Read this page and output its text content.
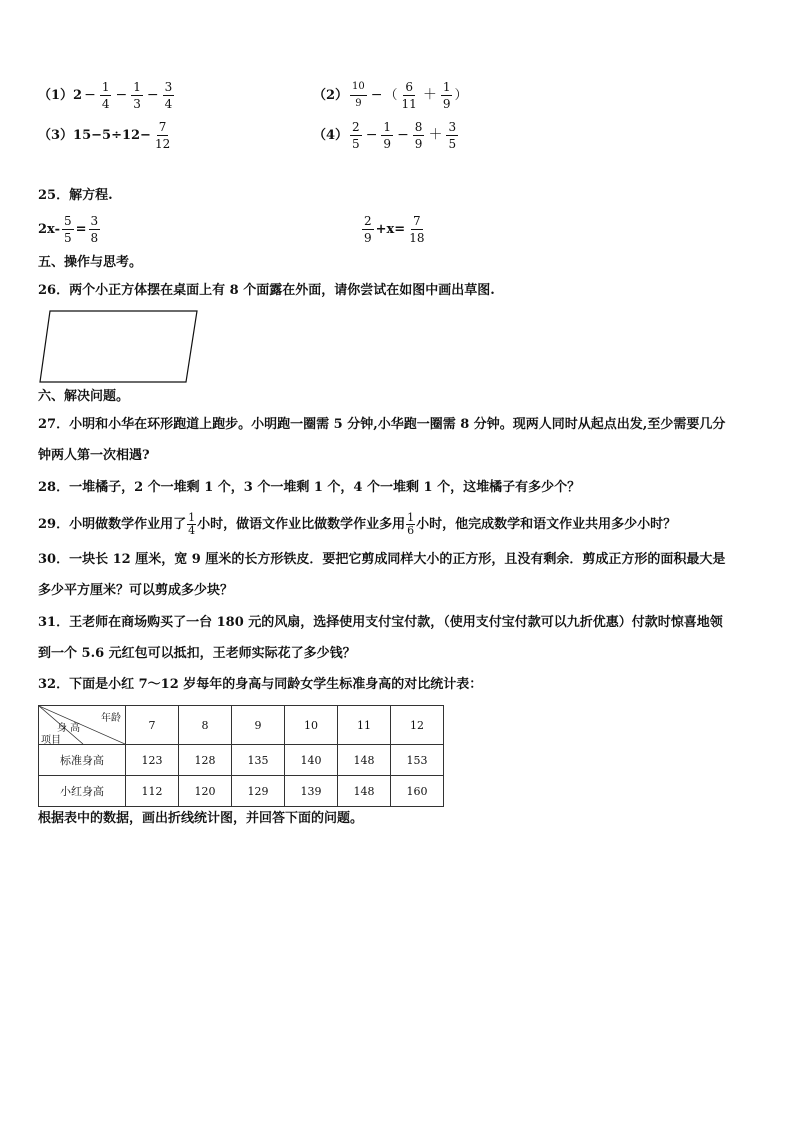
$(1)2 - \frac{1}{4} - \frac{1}{3} - \frac{3}{4}$	$(2) \frac{10}{9}$ − （ $\frac{6}{11} + \frac{1}{9}$ ）
$(3)15-5\div 12- \frac{7}{12}$	$(4) \frac{2}{5} - \frac{1}{9} - \frac{8}{9} + \frac{3}{5}$
25．解方程.
$2x- \frac{5}{5} = \frac{3}{8}$	$\frac{2}{9} +x= \frac{7}{18}$
五、操作与思考。
26．两个小正方体摆在桌面上有 8 个面露在外面，请你尝试在如图中画出草图.
六、解决问题。
27．小明和小华在环形跑道上跑步。小明跑一圈需 5 分钟,小华跑一圈需 8 分钟。现两人同时从起点出发,至少需要几分
钟两人第一次相遇?
28．一堆橘子，2 个一堆剩 1 个，3 个一堆剩 1 个，4 个一堆剩 1 个，这堆橘子有多少个？
29．小明做数学作业用了 $\frac{1}{4}$ 小时，做语文作业比做数学作业多用 $\frac{1}{6}$ 小时，他完成数学和语文作业共用多少小时？
30．一块长 12 厘米，宽 9 厘米的长方形铁皮．要把它剪成同样大小的正方形，且没有剩余．剪成正方形的面积最大是
多少平方厘米？可以剪成多少块？
31．王老师在商场购买了一台 180 元的风扇，选择使用支付宝付款，（使用支付宝付款可以九折优惠）付款时惊喜地领
到一个 5.6 元红包可以抵扣，王老师实际花了多少钱？
32．下面是小红 7～12 岁每年的身高与同龄女学生标准身高的对比统计表：
年龄
身 高
项目	7	8	9	10	11	12
标准身高	123	128	135	140	148	153
小红身高	112	120	129	139	148	160
根据表中的数据，画出折线统计图，并回答下面的问题。
